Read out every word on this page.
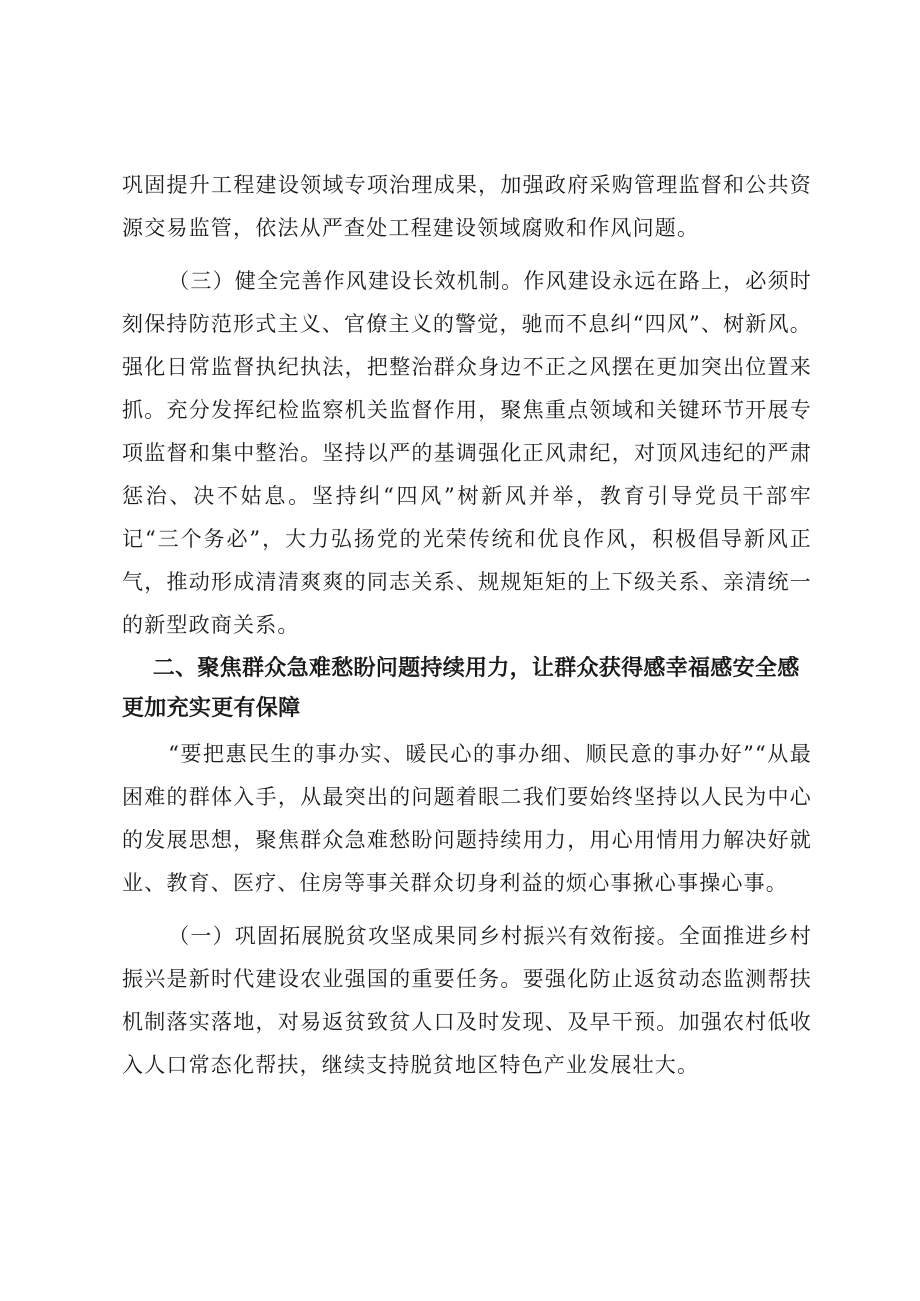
巩固提升工程建设领域专项治理成果，加强政府采购管理监督和公共资源交易监管，依法从严查处工程建设领域腐败和作风问题。

（三）健全完善作风建设长效机制。作风建设永远在路上，必须时刻保持防范形式主义、官僚主义的警觉，驰而不息纠“四风”、树新风。强化日常监督执纪执法，把整治群众身边不正之风摆在更加突出位置来抓。充分发挥纪检监察机关监督作用，聚焦重点领域和关键环节开展专项监督和集中整治。坚持以严的基调强化正风肃纪，对顶风违纪的严肃惩治、决不姑息。坚持纠“四风”树新风并举，教育引导党员干部牢记“三个务必”，大力弘扬党的光荣传统和优良作风，积极倡导新风正气，推动形成清清爽爽的同志关系、规规矩矩的上下级关系、亲清统一的新型政商关系。

二、聚焦群众急难愁盼问题持续用力，让群众获得感幸福感安全感更加充实更有保障

“要把惠民生的事办实、暖民心的事办细、顺民意的事办好”“从最困难的群体入手，从最突出的问题着眼二我们要始终坚持以人民为中心的发展思想，聚焦群众急难愁盼问题持续用力，用心用情用力解决好就业、教育、医疗、住房等事关群众切身利益的烦心事揪心事操心事。

（一）巩固拓展脱贫攻坚成果同乡村振兴有效衔接。全面推进乡村振兴是新时代建设农业强国的重要任务。要强化防止返贫动态监测帮扶机制落实落地，对易返贫致贫人口及时发现、及早干预。加强农村低收入人口常态化帮扶，继续支持脱贫地区特色产业发展壮大。
